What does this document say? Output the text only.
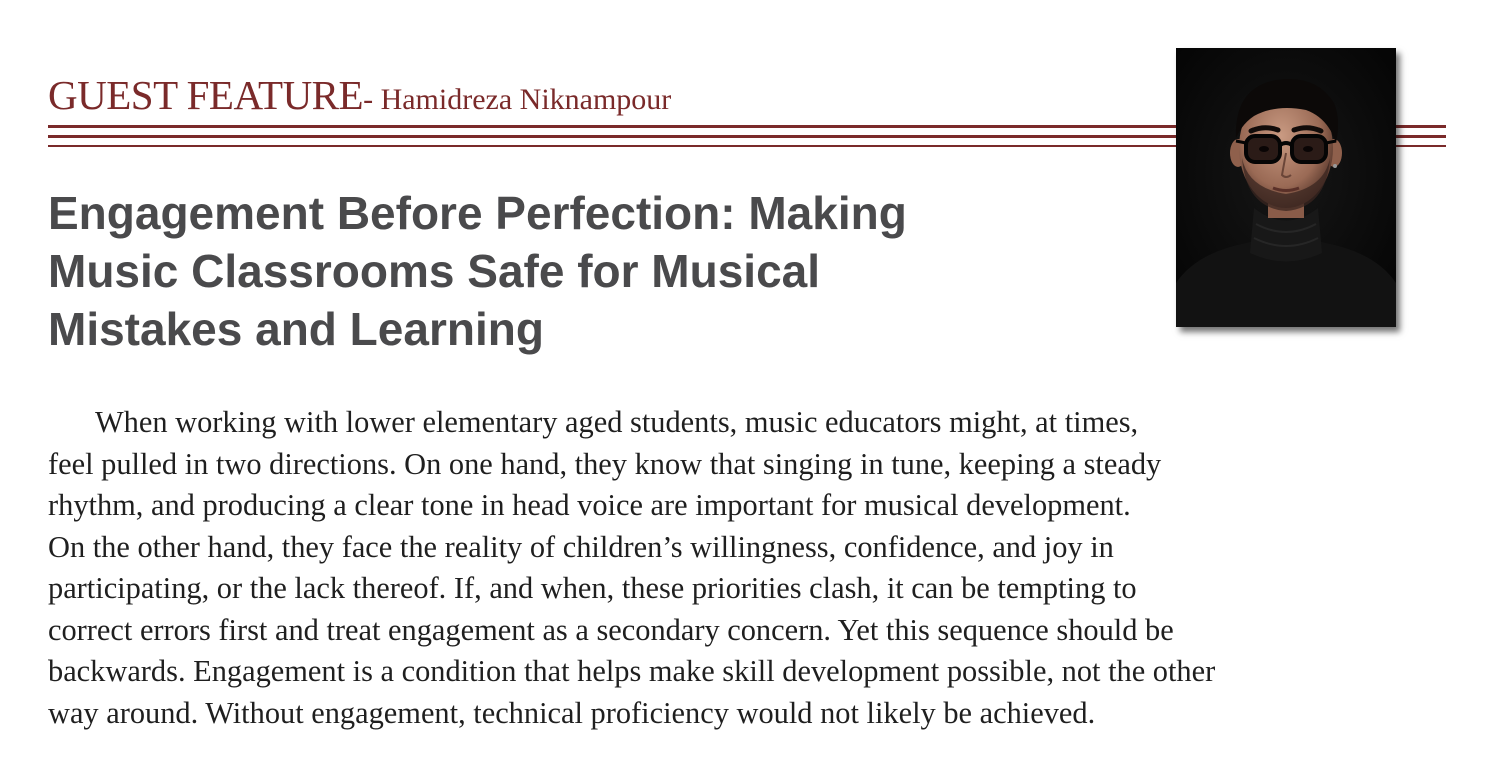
GUEST FEATURE- Hamidreza Niknampour
Engagement Before Perfection: Making
Music Classrooms Safe for Musical
Mistakes and Learning
When working with lower elementary aged students, music educators might, at times,
feel pulled in two directions. On one hand, they know that singing in tune, keeping a steady
rhythm, and producing a clear tone in head voice are important for musical development.
On the other hand, they face the reality of children’s willingness, confidence, and joy in
participating, or the lack thereof. If, and when, these priorities clash, it can be tempting to
correct errors first and treat engagement as a secondary concern. Yet this sequence should be
backwards. Engagement is a condition that helps make skill development possible, not the other
way around. Without engagement, technical proficiency would not likely be achieved.
